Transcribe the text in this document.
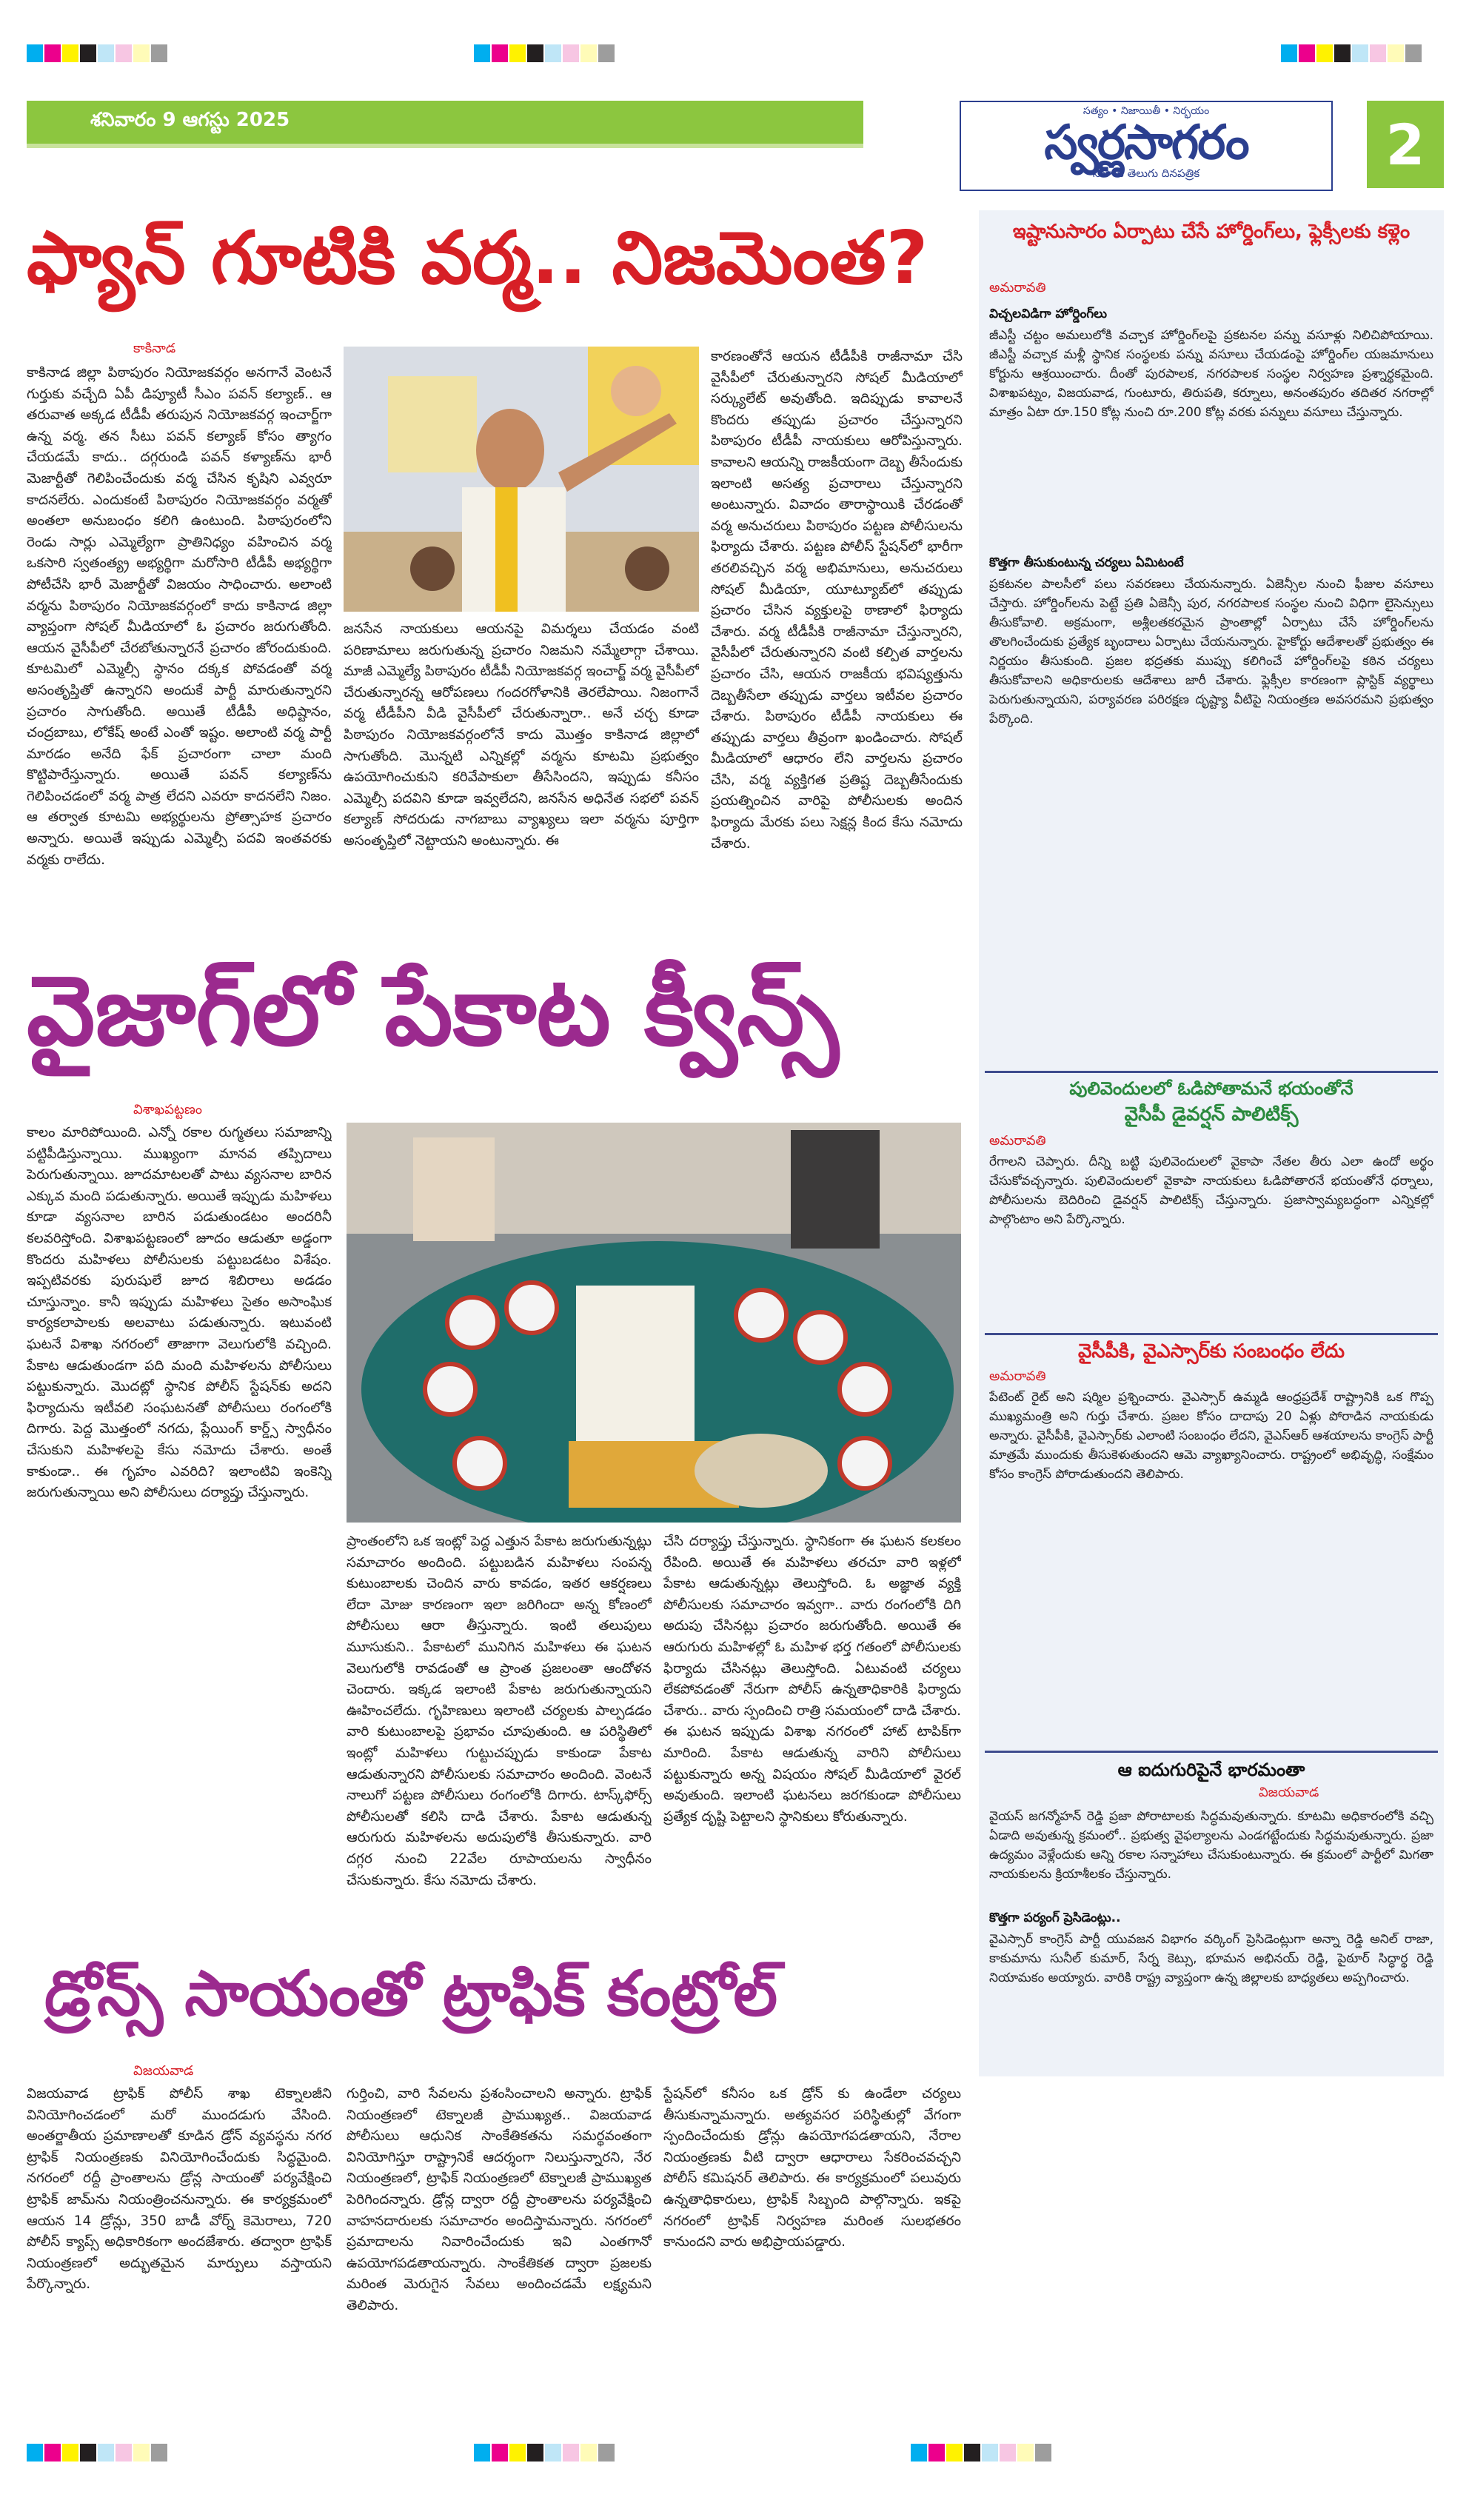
శనివారం 9 ఆగస్టు 2025	సత్యం • నిజాయితీ • నిర్భయం
స్వర్ణసాగరం
నిజాలు తెలుగు దినపత్రిక	2
ఫ్యాన్ గూటికి వర్మ.. నిజమెంత?
కాకినాడ
కాకినాడ జిల్లా పిఠాపురం నియోజకవర్గం అనగానే వెంటనే గుర్తుకు వచ్చేది ఏపీ డిప్యూటీ సీఎం పవన్ కల్యాణ్.. ఆ తరువాత అక్కడ టీడీపీ తరుపున నియోజకవర్గ ఇంచార్జ్‌గా ఉన్న వర్మ. తన సీటు పవన్ కల్యాణ్ కోసం త్యాగం చేయడమే కాదు.. దగ్గరుండి పవన్ కళ్యాణ్‌ను భారీ మెజార్టీతో గెలిపించేందుకు వర్మ చేసిన కృషిని ఎవ్వరూ కాదనలేరు. ఎందుకంటే పిఠాపురం నియోజకవర్గం వర్మతో అంతలా అనుబంధం కలిగి ఉంటుంది. పిఠాపురంలోని రెండు సార్లు ఎమ్మెల్యేగా ప్రాతినిధ్యం వహించిన వర్మ ఒకసారి స్వతంత్య్ర అభ్యర్థిగా మరోసారి టీడీపీ అభ్యర్థిగా పోటీచేసి భారీ మెజార్టీతో విజయం సాధించారు. అలాంటి వర్మను పిఠాపురం నియోజకవర్గంలో కాదు కాకినాడ జిల్లా వ్యాప్తంగా సోషల్ మీడియాలో ఓ ప్రచారం జరుగుతోంది. ఆయన వైసీపీలో చేరబోతున్నారనే ప్రచారం జోరందుకుంది. కూటమిలో ఎమ్మెల్సీ స్థానం దక్కక పోవడంతో వర్మ అసంతృప్తితో ఉన్నారని అందుకే పార్టీ మారుతున్నారని ప్రచారం సాగుతోంది. అయితే టీడీపీ అధిష్టానం, చంద్రబాబు, లోకేష్ అంటే ఎంతో ఇష్టం. అలాంటి వర్మ పార్టీ మారడం అనేది ఫేక్ ప్రచారంగా చాలా మంది కొట్టిపారేస్తున్నారు. అయితే పవన్ కల్యాణ్‌ను గెలిపించడంలో వర్మ పాత్ర లేదని ఎవరూ కాదనలేని నిజం. ఆ తర్వాత కూటమి అభ్యర్థులను ప్రోత్సాహక ప్రచారం అన్నారు. అయితే ఇప్పుడు ఎమ్మెల్సీ పదవి ఇంతవరకు వర్మకు రాలేదు.
జనసేన నాయకులు ఆయనపై విమర్శలు చేయడం వంటి పరిణామాలు జరుగుతున్న ప్రచారం నిజమని నమ్మేలాగ్గా చేశాయి. మాజీ ఎమ్మెల్యే పిఠాపురం టీడీపీ నియోజకవర్గ ఇంచార్జ్ వర్మ వైసీపీలో చేరుతున్నారన్న ఆరోపణలు గందరగోళానికి తెరలేపాయి. నిజంగానే వర్మ టీడీపీని వీడి వైసీపీలో చేరుతున్నారా.. అనే చర్చ కూడా పిఠాపురం నియోజకవర్గంలోనే కాదు మొత్తం కాకినాడ జిల్లాలో సాగుతోంది. మొన్నటి ఎన్నికల్లో వర్మను కూటమి ప్రభుత్వం ఉపయోగించుకుని కరివేపాకులా తీసేసిందని, ఇప్పుడు కనీసం ఎమ్మెల్సీ పదవిని కూడా ఇవ్వలేదని, జనసేన అధినేత సభలో పవన్ కల్యాణ్ సోదరుడు నాగబాబు వ్యాఖ్యలు ఇలా వర్మను పూర్తిగా అసంతృప్తిలో నెట్టాయని అంటున్నారు. ఈ
కారణంతోనే ఆయన టీడీపీకి రాజీనామా చేసి వైసీపీలో చేరుతున్నారని సోషల్ మీడియాలో సర్క్యులేట్ అవుతోంది. ఇదిప్పుడు కావాలనే కొందరు తప్పుడు ప్రచారం చేస్తున్నారని పిఠాపురం టీడీపీ నాయకులు ఆరోపిస్తున్నారు. కావాలని ఆయన్ని రాజకీయంగా దెబ్బ తీసేందుకు ఇలాంటి అసత్య ప్రచారాలు చేస్తున్నారని అంటున్నారు. వివాదం తారాస్థాయికి చేరడంతో వర్మ అనుచరులు పిఠాపురం పట్టణ పోలీసులను ఫిర్యాదు చేశారు. పట్టణ పోలీస్ స్టేషన్‌లో భారీగా తరలివచ్చిన వర్మ అభిమానులు, అనుచరులు సోషల్ మీడియా, యూట్యూబ్‌లో తప్పుడు ప్రచారం చేసిన వ్యక్తులపై ఠాణాలో ఫిర్యాదు చేశారు. వర్మ టీడీపీకి రాజీనామా చేస్తున్నారని, వైసీపీలో చేరుతున్నారని వంటి కల్పిత వార్తలను ప్రచారం చేసి, ఆయన రాజకీయ భవిష్యత్తును దెబ్బతీసేలా తప్పుడు వార్తలు ఇటీవల ప్రచారం చేశారు. పిఠాపురం టీడీపీ నాయకులు ఈ తప్పుడు వార్తలు తీవ్రంగా ఖండించారు. సోషల్ మీడియాలో ఆధారం లేని వార్తలను ప్రచారం చేసి, వర్మ వ్యక్తిగత ప్రతిష్ట దెబ్బతీసేందుకు ప్రయత్నించిన వారిపై పోలీసులకు అందిన ఫిర్యాదు మేరకు పలు సెక్షన్ల కింద కేసు నమోదు చేశారు.
వైజాగ్‌లో పేకాట క్వీన్స్
విశాఖపట్టణం
కాలం మారిపోయింది. ఎన్నో రకాల రుగ్మతలు సమాజాన్ని పట్టిపీడిస్తున్నాయి. ముఖ్యంగా మానవ తప్పిదాలు పెరుగుతున్నాయి. జూదమాటలతో పాటు వ్యసనాల బారిన ఎక్కువ మంది పడుతున్నారు. అయితే ఇప్పుడు మహిళలు కూడా వ్యసనాల బారిన పడుతుండటం అందరినీ కలవరిస్తోంది. విశాఖపట్టణంలో జూదం ఆడుతూ అడ్డంగా కొందరు మహిళలు పోలీసులకు పట్టుబడటం విశేషం. ఇప్పటివరకు పురుషులే జూద శిబిరాలు అడడం చూస్తున్నాం. కానీ ఇప్పుడు మహిళలు సైతం అసాంఘిక కార్యకలాపాలకు అలవాటు పడుతున్నారు. ఇటువంటి ఘటనే విశాఖ నగరంలో తాజాగా వెలుగులోకి వచ్చింది. పేకాట ఆడుతుండగా పది మంది మహిళలను పోలీసులు పట్టుకున్నారు. మొదట్లో స్థానిక పోలీస్ స్టేషన్‌కు అదని ఫిర్యాదును ఇటీవలి సంఘటనతో పోలీసులు రంగంలోకి దిగారు. పెద్ద మొత్తంలో నగదు, ప్లేయింగ్ కార్డ్స్ స్వాధీనం చేసుకుని మహిళలపై కేసు నమోదు చేశారు. అంతే కాకుండా.. ఈ గృహం ఎవరిది? ఇలాంటివి ఇంకెన్ని జరుగుతున్నాయి అని పోలీసులు దర్యాప్తు చేస్తున్నారు.
ప్రాంతంలోని ఒక ఇంట్లో పెద్ద ఎత్తున పేకాట జరుగుతున్నట్లు సమాచారం అందింది. పట్టుబడిన మహిళలు సంపన్న కుటుంబాలకు చెందిన వారు కావడం, ఇతర ఆకర్షణలు లేదా మోజు కారణంగా ఇలా జరిగిందా అన్న కోణంలో పోలీసులు ఆరా తీస్తున్నారు. ఇంటి తలుపులు మూసుకుని.. పేకాటలో మునిగిన మహిళలు ఈ ఘటన వెలుగులోకి రావడంతో ఆ ప్రాంత ప్రజలంతా ఆందోళన చెందారు. ఇక్కడ ఇలాంటి పేకాట జరుగుతున్నాయని ఊహించలేదు. గృహిణులు ఇలాంటి చర్యలకు పాల్పడడం వారి కుటుంబాలపై ప్రభావం చూపుతుంది. ఆ పరిస్థితిలో ఇంట్లో మహిళలు గుట్టుచప్పుడు కాకుండా పేకాట ఆడుతున్నారని పోలీసులకు సమాచారం అందింది. వెంటనే నాలుగో పట్టణ పోలీసులు రంగంలోకి దిగారు. టాస్క్‌ఫోర్స్ పోలీసులతో కలిసి దాడి చేశారు. పేకాట ఆడుతున్న ఆరుగురు మహిళలను అదుపులోకి తీసుకున్నారు. వారి దగ్గర నుంచి 22వేల రూపాయలను స్వాధీనం చేసుకున్నారు. కేసు నమోదు చేశారు.
చేసి దర్యాప్తు చేస్తున్నారు. స్థానికంగా ఈ ఘటన కలకలం రేపింది. అయితే ఈ మహిళలు తరచూ వారి ఇళ్లలో పేకాట ఆడుతున్నట్లు తెలుస్తోంది. ఓ అజ్ఞాత వ్యక్తి పోలీసులకు సమాచారం ఇవ్వగా.. వారు రంగంలోకి దిగి అదుపు చేసినట్లు ప్రచారం జరుగుతోంది. అయితే ఈ ఆరుగురు మహిళల్లో ఓ మహిళ భర్త గతంలో పోలీసులకు ఫిర్యాదు చేసినట్లు తెలుస్తోంది. ఏటువంటి చర్యలు లేకపోవడంతో నేరుగా పోలీస్ ఉన్నతాధికారికి ఫిర్యాదు చేశారు.. వారు స్పందించి రాత్రి సమయంలో దాడి చేశారు. ఈ ఘటన ఇప్పుడు విశాఖ నగరంలో హాట్ టాపిక్‌గా మారింది. పేకాట ఆడుతున్న వారిని పోలీసులు పట్టుకున్నారు అన్న విషయం సోషల్ మీడియాలో వైరల్ అవుతుంది. ఇలాంటి ఘటనలు జరగకుండా పోలీసులు ప్రత్యేక దృష్టి పెట్టాలని స్థానికులు కోరుతున్నారు.
డ్రోన్స్ సాయంతో ట్రాఫిక్ కంట్రోల్
విజయవాడ
విజయవాడ ట్రాఫిక్ పోలీస్ శాఖ టెక్నాలజీని వినియోగించడంలో మరో ముందడుగు వేసింది. అంతర్జాతీయ ప్రమాణాలతో కూడిన డ్రోన్ వ్యవస్థను నగర ట్రాఫిక్ నియంత్రణకు వినియోగించేందుకు సిద్ధమైంది. నగరంలో రద్దీ ప్రాంతాలను డ్రోన్ల సాయంతో పర్యవేక్షించి ట్రాఫిక్ జామ్‌ను నియంత్రించనున్నారు. ఈ కార్యక్రమంలో ఆయన 14 డ్రోన్లు, 350 బాడీ వోర్న్ కెమెరాలు, 720 పోలీస్ క్యాప్స్ అధికారికంగా అందజేశారు. తద్వారా ట్రాఫిక్ నియంత్రణలో అద్భుతమైన మార్పులు వస్తాయని పేర్కొన్నారు.
గుర్తించి, వారి సేవలను ప్రశంసించాలని అన్నారు. ట్రాఫిక్ నియంత్రణలో టెక్నాలజీ ప్రాముఖ్యత.. విజయవాడ పోలీసులు ఆధునిక సాంకేతికతను సమర్థవంతంగా వినియోగిస్తూ రాష్ట్రానికే ఆదర్శంగా నిలుస్తున్నారని, నేర నియంత్రణలో, ట్రాఫిక్ నియంత్రణలో టెక్నాలజీ ప్రాముఖ్యత పెరిగిందన్నారు. డ్రోన్ల ద్వారా రద్దీ ప్రాంతాలను పర్యవేక్షించి వాహనదారులకు సమాచారం అందిస్తామన్నారు. నగరంలో ప్రమాదాలను నివారించేందుకు ఇవి ఎంతగానో ఉపయోగపడతాయన్నారు. సాంకేతికత ద్వారా ప్రజలకు మరింత మెరుగైన సేవలు అందించడమే లక్ష్యమని తెలిపారు.
స్టేషన్‌లో కనీసం ఒక డ్రోన్ కు ఉండేలా చర్యలు తీసుకున్నామన్నారు. అత్యవసర పరిస్థితుల్లో వేగంగా స్పందించేందుకు డ్రోన్లు ఉపయోగపడతాయని, నేరాల నియంత్రణకు వీటి ద్వారా ఆధారాలు సేకరించవచ్చని పోలీస్ కమిషనర్ తెలిపారు. ఈ కార్యక్రమంలో పలువురు ఉన్నతాధికారులు, ట్రాఫిక్ సిబ్బంది పాల్గొన్నారు. ఇకపై నగరంలో ట్రాఫిక్ నిర్వహణ మరింత సులభతరం కానుందని వారు అభిప్రాయపడ్డారు.
ఇష్టానుసారం ఏర్పాటు చేసే హోర్డింగ్‌లు, ఫ్లెక్సీలకు కళ్లెం
అమరావతి
విచ్చలవిడిగా హోర్డింగ్‌లు
జీఎస్టీ చట్టం అమలులోకి వచ్చాక హోర్డింగ్‌లపై ప్రకటనల పన్ను వసూళ్లు నిలిచిపోయాయి. జీఎస్టీ వచ్చాక మళ్లీ స్థానిక సంస్థలకు పన్ను వసూలు చేయడంపై హోర్డింగ్‌ల యజమానులు కోర్టును ఆశ్రయించారు. దీంతో పురపాలక, నగరపాలక సంస్థల నిర్వహణ ప్రశ్నార్థకమైంది. విశాఖపట్నం, విజయవాడ, గుంటూరు, తిరుపతి, కర్నూలు, అనంతపురం తదితర నగరాల్లో మాత్రం ఏటా రూ.150 కోట్ల నుంచి రూ.200 కోట్ల వరకు పన్నులు వసూలు చేస్తున్నారు.
కొత్తగా తీసుకుంటున్న చర్యలు ఏమిటంటే
ప్రకటనల పాలసీలో పలు సవరణలు చేయనున్నారు. ఏజెన్సీల నుంచి ఫీజుల వసూలు చేస్తారు. హోర్డింగ్‌లను పెట్టే ప్రతి ఏజెన్సీ పుర, నగరపాలక సంస్థల నుంచి విధిగా లైసెన్సులు తీసుకోవాలి. అక్రమంగా, అశ్లీలతకరమైన ప్రాంతాల్లో ఏర్పాటు చేసే హోర్డింగ్‌లను తొలగించేందుకు ప్రత్యేక బృందాలు ఏర్పాటు చేయనున్నారు. హైకోర్టు ఆదేశాలతో ప్రభుత్వం ఈ నిర్ణయం తీసుకుంది. ప్రజల భద్రతకు ముప్పు కలిగించే హోర్డింగ్‌లపై కఠిన చర్యలు తీసుకోవాలని అధికారులకు ఆదేశాలు జారీ చేశారు. ఫ్లెక్సీల కారణంగా ప్లాస్టిక్ వ్యర్థాలు పెరుగుతున్నాయని, పర్యావరణ పరిరక్షణ దృష్ట్యా వీటిపై నియంత్రణ అవసరమని ప్రభుత్వం పేర్కొంది.
పులివెందులలో ఓడిపోతామనే భయంతోనే
వైసీపీ డైవర్షన్ పాలిటిక్స్
అమరావతి
రేగాలని చెప్పారు. దీన్ని బట్టి పులివెందులలో వైకాపా నేతల తీరు ఎలా ఉందో అర్థం చేసుకోవచ్చన్నారు. పులివెందులలో వైకాపా నాయకులు ఓడిపోతారనే భయంతోనే ధర్నాలు, పోలీసులను బెదిరించి డైవర్షన్ పాలిటిక్స్ చేస్తున్నారు. ప్రజాస్వామ్యబద్ధంగా ఎన్నికల్లో పాల్గొంటాం అని పేర్కొన్నారు.
వైసీపీకి, వైఎస్సార్‌కు సంబంధం లేదు
అమరావతి
పేటెంట్ రైట్ అని షర్మిల ప్రశ్నించారు. వైఎస్సార్ ఉమ్మడి ఆంధ్రప్రదేశ్ రాష్ట్రానికి ఒక గొప్ప ముఖ్యమంత్రి అని గుర్తు చేశారు. ప్రజల కోసం దాదాపు 20 ఏళ్లు పోరాడిన నాయకుడు అన్నారు. వైసీపీకి, వైఎస్సార్‌కు ఎలాంటి సంబంధం లేదని, వైఎస్ఆర్ ఆశయాలను కాంగ్రెస్ పార్టీ మాత్రమే ముందుకు తీసుకెళుతుందని ఆమె వ్యాఖ్యానించారు. రాష్ట్రంలో అభివృద్ధి, సంక్షేమం కోసం కాంగ్రెస్ పోరాడుతుందని తెలిపారు.
ఆ ఐదుగురిపైనే భారమంతా
విజయవాడ
వైయస్ జగన్మోహన్ రెడ్డి ప్రజా పోరాటాలకు సిద్ధమవుతున్నారు. కూటమి అధికారంలోకి వచ్చి ఏడాది అవుతున్న క్రమంలో.. ప్రభుత్వ వైఫల్యాలను ఎండగట్టేందుకు సిద్ధమవుతున్నారు. ప్రజా ఉద్యమం వెళ్లేందుకు ఆన్ని రకాల సన్నాహాలు చేసుకుంటున్నారు. ఈ క్రమంలో పార్టీలో మిగతా నాయకులను క్రియాశీలకం చేస్తున్నారు.
కొత్తగా పర్యంగ్ ప్రెసిడెంట్లు..
వైఎస్సార్ కాంగ్రెస్ పార్టీ యువజన విభాగం వర్కింగ్ ప్రెసిడెంట్లుగా అన్నా రెడ్డి అనిల్ రాజా, కాకుమాను సునీల్ కుమార్, సేర్న కెట్సు, భూమన అభినయ్ రెడ్డి, పైఠూర్ సిద్ధార్థ రెడ్డి నియామకం అయ్యారు. వారికి రాష్ట్ర వ్యాప్తంగా ఉన్న జిల్లాలకు బాధ్యతలు అప్పగించారు.
